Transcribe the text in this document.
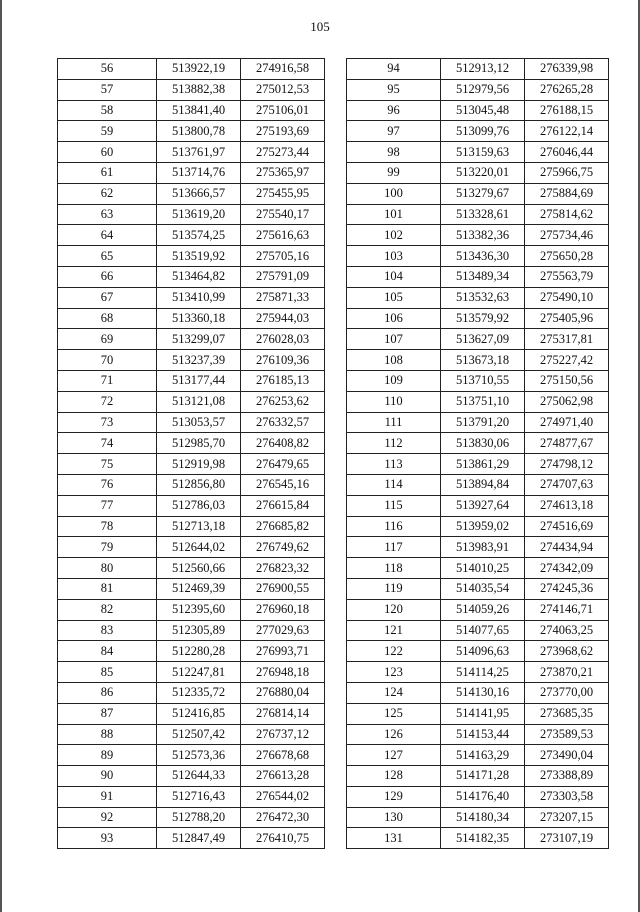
105
56	513922,19	274916,58
57	513882,38	275012,53
58	513841,40	275106,01
59	513800,78	275193,69
60	513761,97	275273,44
61	513714,76	275365,97
62	513666,57	275455,95
63	513619,20	275540,17
64	513574,25	275616,63
65	513519,92	275705,16
66	513464,82	275791,09
67	513410,99	275871,33
68	513360,18	275944,03
69	513299,07	276028,03
70	513237,39	276109,36
71	513177,44	276185,13
72	513121,08	276253,62
73	513053,57	276332,57
74	512985,70	276408,82
75	512919,98	276479,65
76	512856,80	276545,16
77	512786,03	276615,84
78	512713,18	276685,82
79	512644,02	276749,62
80	512560,66	276823,32
81	512469,39	276900,55
82	512395,60	276960,18
83	512305,89	277029,63
84	512280,28	276993,71
85	512247,81	276948,18
86	512335,72	276880,04
87	512416,85	276814,14
88	512507,42	276737,12
89	512573,36	276678,68
90	512644,33	276613,28
91	512716,43	276544,02
92	512788,20	276472,30
93	512847,49	276410,75
94	512913,12	276339,98
95	512979,56	276265,28
96	513045,48	276188,15
97	513099,76	276122,14
98	513159,63	276046,44
99	513220,01	275966,75
100	513279,67	275884,69
101	513328,61	275814,62
102	513382,36	275734,46
103	513436,30	275650,28
104	513489,34	275563,79
105	513532,63	275490,10
106	513579,92	275405,96
107	513627,09	275317,81
108	513673,18	275227,42
109	513710,55	275150,56
110	513751,10	275062,98
111	513791,20	274971,40
112	513830,06	274877,67
113	513861,29	274798,12
114	513894,84	274707,63
115	513927,64	274613,18
116	513959,02	274516,69
117	513983,91	274434,94
118	514010,25	274342,09
119	514035,54	274245,36
120	514059,26	274146,71
121	514077,65	274063,25
122	514096,63	273968,62
123	514114,25	273870,21
124	514130,16	273770,00
125	514141,95	273685,35
126	514153,44	273589,53
127	514163,29	273490,04
128	514171,28	273388,89
129	514176,40	273303,58
130	514180,34	273207,15
131	514182,35	273107,19
